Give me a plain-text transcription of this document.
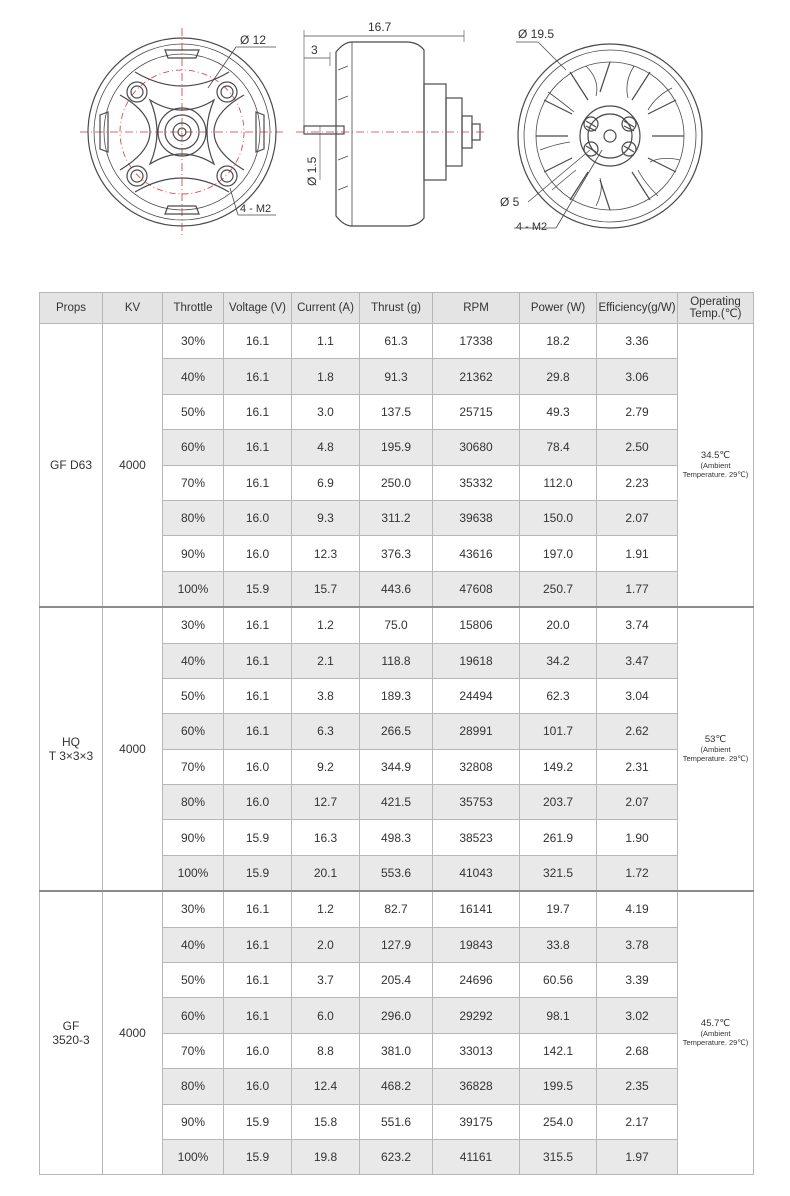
Ø 12
4 - M2
16.7
3
Ø 1.5
Ø 19.5
Ø 5
4 - M2
Props	KV	Throttle	Voltage (V)	Current (A)	Thrust (g)	RPM	Power (W)	Efficiency(g/W)	Operating
Temp.(℃)
GF D63	4000	30%	16.1	1.1	61.3	17338	18.2	3.36	34.5℃
(Ambient
Temperature. 29℃)

		40%	16.1	1.8	91.3	21362	29.8	3.06	
		50%	16.1	3.0	137.5	25715	49.3	2.79	
		60%	16.1	4.8	195.9	30680	78.4	2.50	
		70%	16.1	6.9	250.0	35332	112.0	2.23	
		80%	16.0	9.3	311.2	39638	150.0	2.07	
		90%	16.0	12.3	376.3	43616	197.0	1.91	
		100%	15.9	15.7	443.6	47608	250.7	1.77	
HQ
T 3×3×3	4000	30%	16.1	1.2	75.0	15806	20.0	3.74	53℃
(Ambient
Temperature. 29℃)

		40%	16.1	2.1	118.8	19618	34.2	3.47	
		50%	16.1	3.8	189.3	24494	62.3	3.04	
		60%	16.1	6.3	266.5	28991	101.7	2.62	
		70%	16.0	9.2	344.9	32808	149.2	2.31	
		80%	16.0	12.7	421.5	35753	203.7	2.07	
		90%	15.9	16.3	498.3	38523	261.9	1.90	
		100%	15.9	20.1	553.6	41043	321.5	1.72	
GF
3520-3	4000	30%	16.1	1.2	82.7	16141	19.7	4.19	45.7℃
(Ambient
Temperature. 29℃)

		40%	16.1	2.0	127.9	19843	33.8	3.78	
		50%	16.1	3.7	205.4	24696	60.56	3.39	
		60%	16.1	6.0	296.0	29292	98.1	3.02	
		70%	16.0	8.8	381.0	33013	142.1	2.68	
		80%	16.0	12.4	468.2	36828	199.5	2.35	
		90%	15.9	15.8	551.6	39175	254.0	2.17	
		100%	15.9	19.8	623.2	41161	315.5	1.97	
